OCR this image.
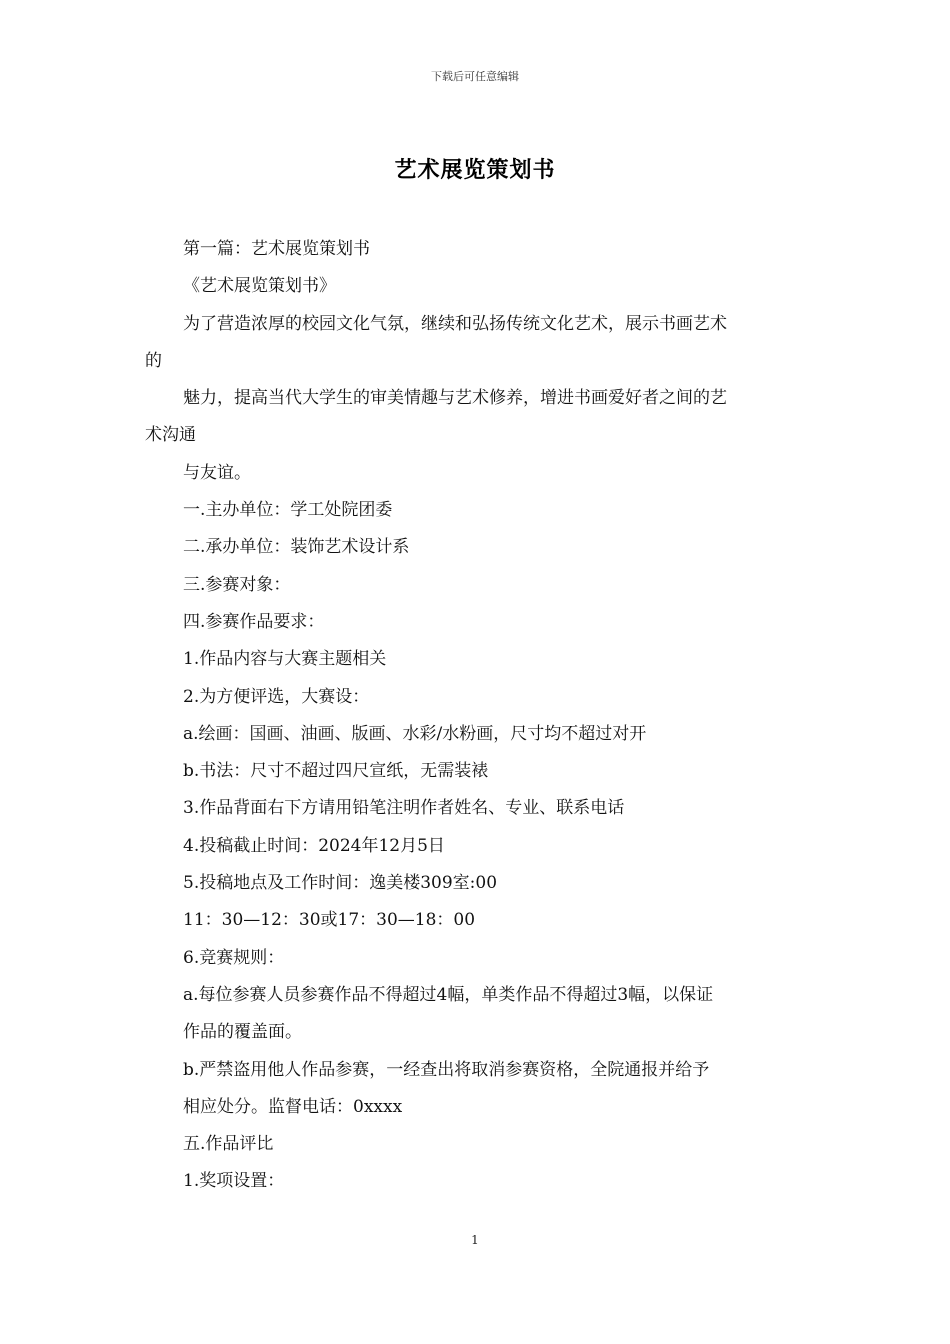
下载后可任意编辑
艺术展览策划书
第一篇：艺术展览策划书
《艺术展览策划书》
为了营造浓厚的校园文化气氛，继续和弘扬传统文化艺术，展示书画艺术
的
魅力，提高当代大学生的审美情趣与艺术修养，增进书画爱好者之间的艺
术沟通
与友谊。
一.主办单位：学工处院团委
二.承办单位：装饰艺术设计系
三.参赛对象：
四.参赛作品要求：
1.作品内容与大赛主题相关
2.为方便评选，大赛设：
a.绘画：国画、油画、版画、水彩/水粉画，尺寸均不超过对开
b.书法：尺寸不超过四尺宣纸，无需装裱
3.作品背面右下方请用铅笔注明作者姓名、专业、联系电话
4.投稿截止时间：2024年12月5日
5.投稿地点及工作时间：逸美楼309室:00
11：30—12：30或17：30—18：00
6.竞赛规则：
a.每位参赛人员参赛作品不得超过4幅，单类作品不得超过3幅，以保证
作品的覆盖面。
b.严禁盗用他人作品参赛，一经查出将取消参赛资格，全院通报并给予
相应处分。监督电话：0xxxx
五.作品评比
1.奖项设置：
1
